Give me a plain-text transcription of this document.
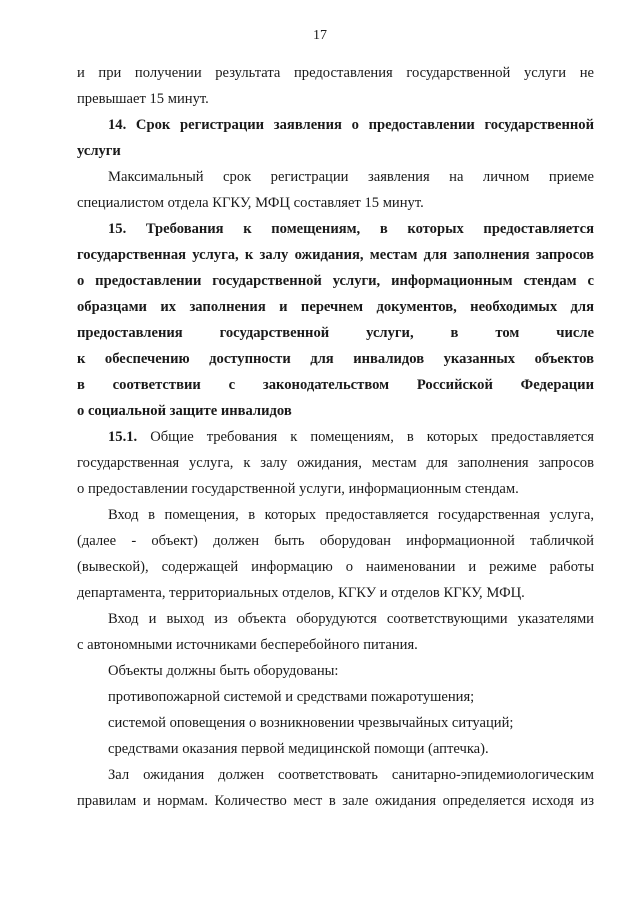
17
и при получении результата предоставления государственной услуги не
превышает 15 минут.
14. Срок регистрации заявления о предоставлении государственной
услуги
Максимальный срок регистрации заявления на личном приеме
специалистом отдела КГКУ, МФЦ составляет 15 минут.
15. Требования к помещениям, в которых предоставляется
государственная услуга, к залу ожидания, местам для заполнения запросов
о предоставлении государственной услуги, информационным стендам с
образцами их заполнения и перечнем документов, необходимых для
предоставления государственной услуги, в том числе
к обеспечению доступности для инвалидов указанных объектов
в соответствии с законодательством Российской Федерации
о социальной защите инвалидов
15.1. Общие требования к помещениям, в которых предоставляется
государственная услуга, к залу ожидания, местам для заполнения запросов
о предоставлении государственной услуги, информационным стендам.
Вход в помещения, в которых предоставляется государственная услуга,
(далее - объект) должен быть оборудован информационной табличкой
(вывеской), содержащей информацию о наименовании и режиме работы
департамента, территориальных отделов, КГКУ и отделов КГКУ, МФЦ.
Вход и выход из объекта оборудуются соответствующими указателями
с автономными источниками бесперебойного питания.
Объекты должны быть оборудованы:
противопожарной системой и средствами пожаротушения;
системой оповещения о возникновении чрезвычайных ситуаций;
средствами оказания первой медицинской помощи (аптечка).
Зал ожидания должен соответствовать санитарно-эпидемиологическим
правилам и нормам. Количество мест в зале ожидания определяется исходя из
